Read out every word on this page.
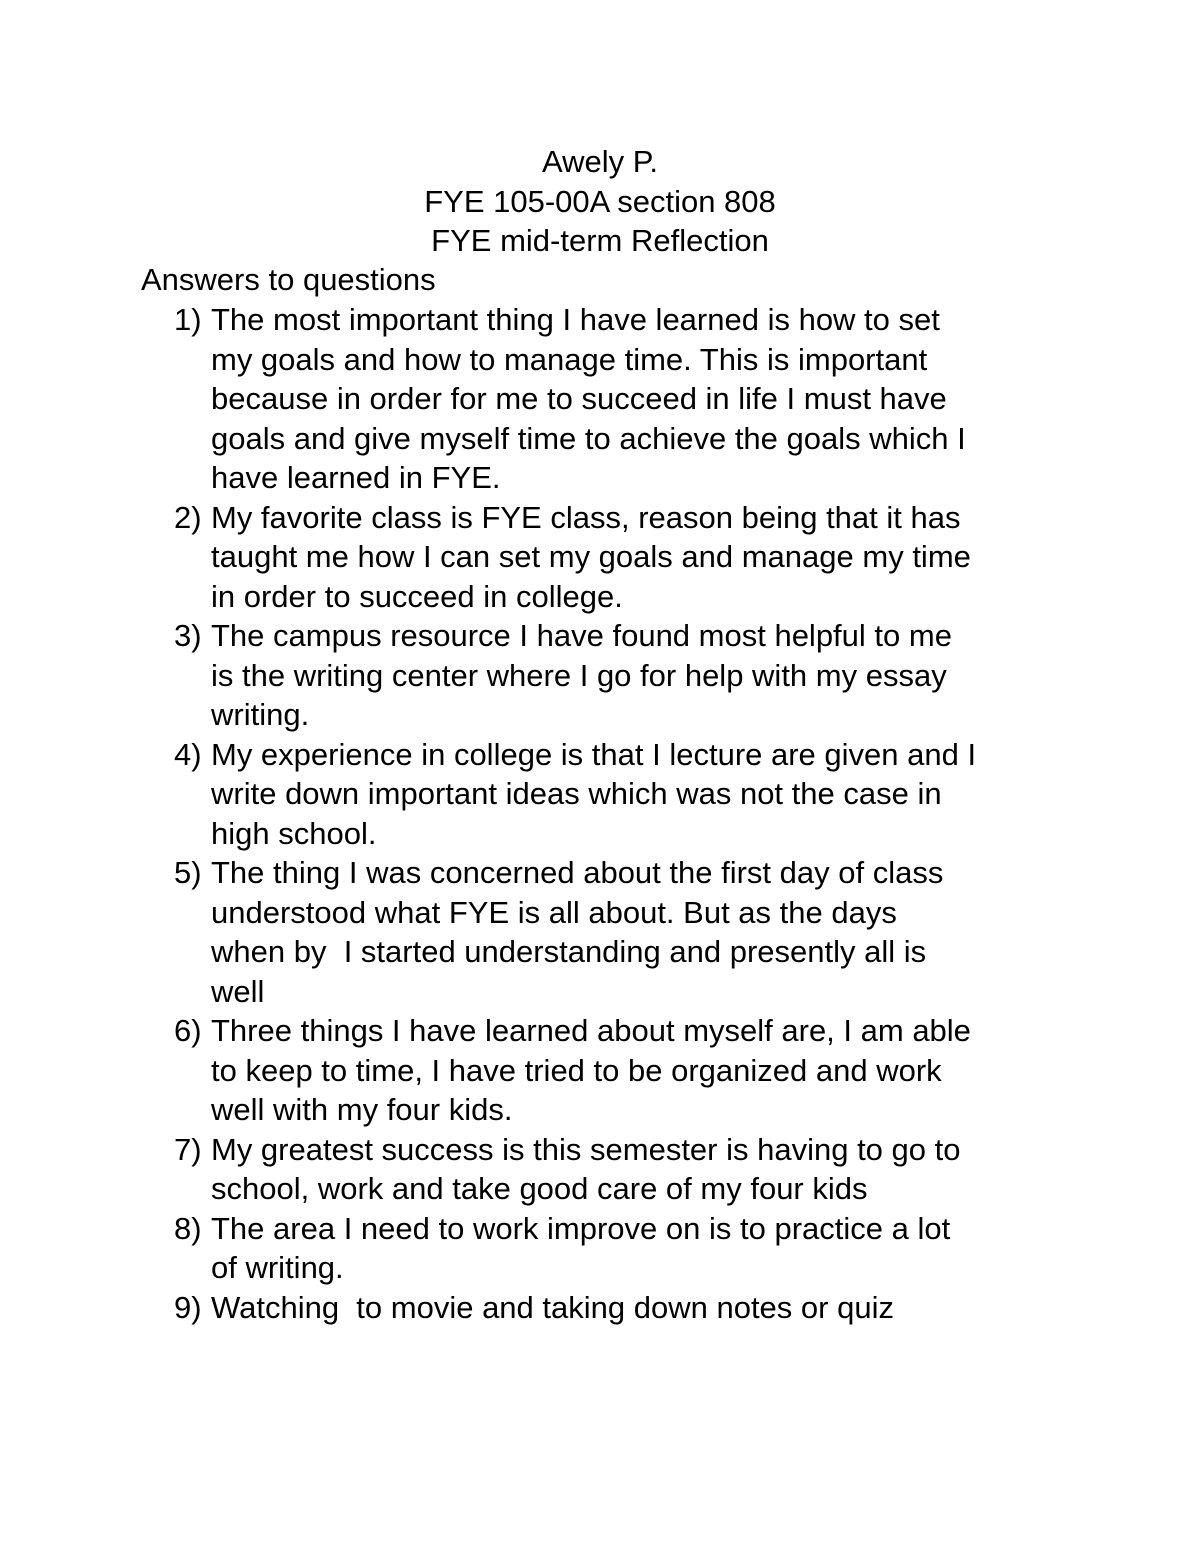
Awely P.
FYE 105-00A section 808
FYE mid-term Reflection
Answers to questions
1) The most important thing I have learned is how to set
my goals and how to manage time. This is important
because in order for me to succeed in life I must have
goals and give myself time to achieve the goals which I
have learned in FYE.
2) My favorite class is FYE class, reason being that it has
taught me how I can set my goals and manage my time
in order to succeed in college.
3) The campus resource I have found most helpful to me
is the writing center where I go for help with my essay
writing.
4) My experience in college is that I lecture are given and I
write down important ideas which was not the case in
high school.
5) The thing I was concerned about the first day of class
understood what FYE is all about. But as the days
when by  I started understanding and presently all is
well
6) Three things I have learned about myself are, I am able
to keep to time, I have tried to be organized and work
well with my four kids.
7) My greatest success is this semester is having to go to
school, work and take good care of my four kids
8) The area I need to work improve on is to practice a lot
of writing.
9) Watching  to movie and taking down notes or quiz
